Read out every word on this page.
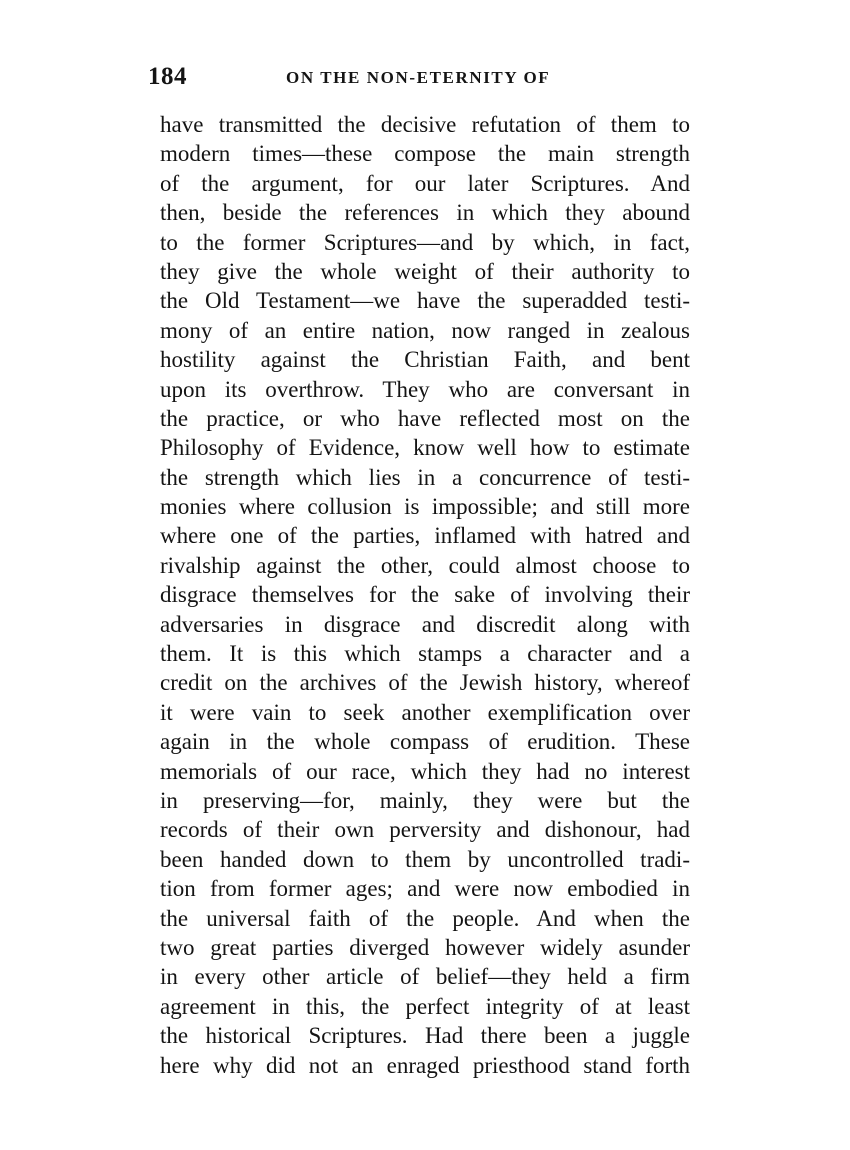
184	ON THE NON-ETERNITY OF
have transmitted the decisive refutation of them to
modern times—these compose the main strength
of the argument, for our later Scriptures. And
then, beside the references in which they abound
to the former Scriptures—and by which, in fact,
they give the whole weight of their authority to
the Old Testament—we have the superadded testi-
mony of an entire nation, now ranged in zealous
hostility against the Christian Faith, and bent
upon its overthrow. They who are conversant in
the practice, or who have reflected most on the
Philosophy of Evidence, know well how to estimate
the strength which lies in a concurrence of testi-
monies where collusion is impossible; and still more
where one of the parties, inflamed with hatred and
rivalship against the other, could almost choose to
disgrace themselves for the sake of involving their
adversaries in disgrace and discredit along with
them. It is this which stamps a character and a
credit on the archives of the Jewish history, whereof
it were vain to seek another exemplification over
again in the whole compass of erudition. These
memorials of our race, which they had no interest
in preserving—for, mainly, they were but the
records of their own perversity and dishonour, had
been handed down to them by uncontrolled tradi-
tion from former ages; and were now embodied in
the universal faith of the people. And when the
two great parties diverged however widely asunder
in every other article of belief—they held a firm
agreement in this, the perfect integrity of at least
the historical Scriptures. Had there been a juggle
here why did not an enraged priesthood stand forth
